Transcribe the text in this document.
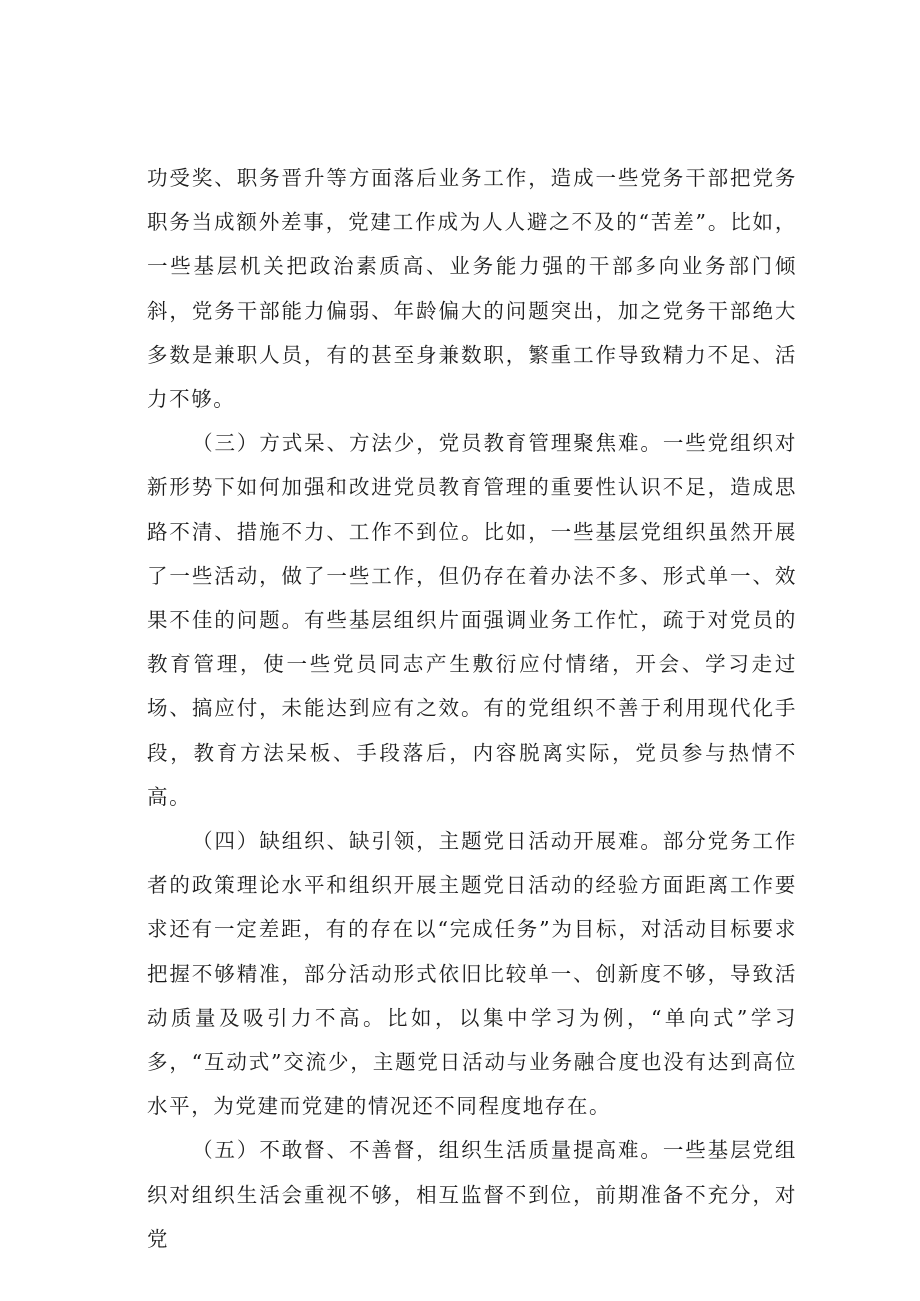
功受奖、职务晋升等方面落后业务工作，造成一些党务干部把党务职务当成额外差事，党建工作成为人人避之不及的“苦差”。比如，一些基层机关把政治素质高、业务能力强的干部多向业务部门倾斜，党务干部能力偏弱、年龄偏大的问题突出，加之党务干部绝大多数是兼职人员，有的甚至身兼数职，繁重工作导致精力不足、活力不够。

（三）方式呆、方法少，党员教育管理聚焦难。一些党组织对新形势下如何加强和改进党员教育管理的重要性认识不足，造成思路不清、措施不力、工作不到位。比如，一些基层党组织虽然开展了一些活动，做了一些工作，但仍存在着办法不多、形式单一、效果不佳的问题。有些基层组织片面强调业务工作忙，疏于对党员的教育管理，使一些党员同志产生敷衍应付情绪，开会、学习走过场、搞应付，未能达到应有之效。有的党组织不善于利用现代化手段，教育方法呆板、手段落后，内容脱离实际，党员参与热情不高。

（四）缺组织、缺引领，主题党日活动开展难。部分党务工作者的政策理论水平和组织开展主题党日活动的经验方面距离工作要求还有一定差距，有的存在以“完成任务”为目标，对活动目标要求把握不够精准，部分活动形式依旧比较单一、创新度不够，导致活动质量及吸引力不高。比如，以集中学习为例，“单向式”学习多，“互动式”交流少，主题党日活动与业务融合度也没有达到高位水平，为党建而党建的情况还不同程度地存在。

（五）不敢督、不善督，组织生活质量提高难。一些基层党组织对组织生活会重视不够，相互监督不到位，前期准备不充分，对党
